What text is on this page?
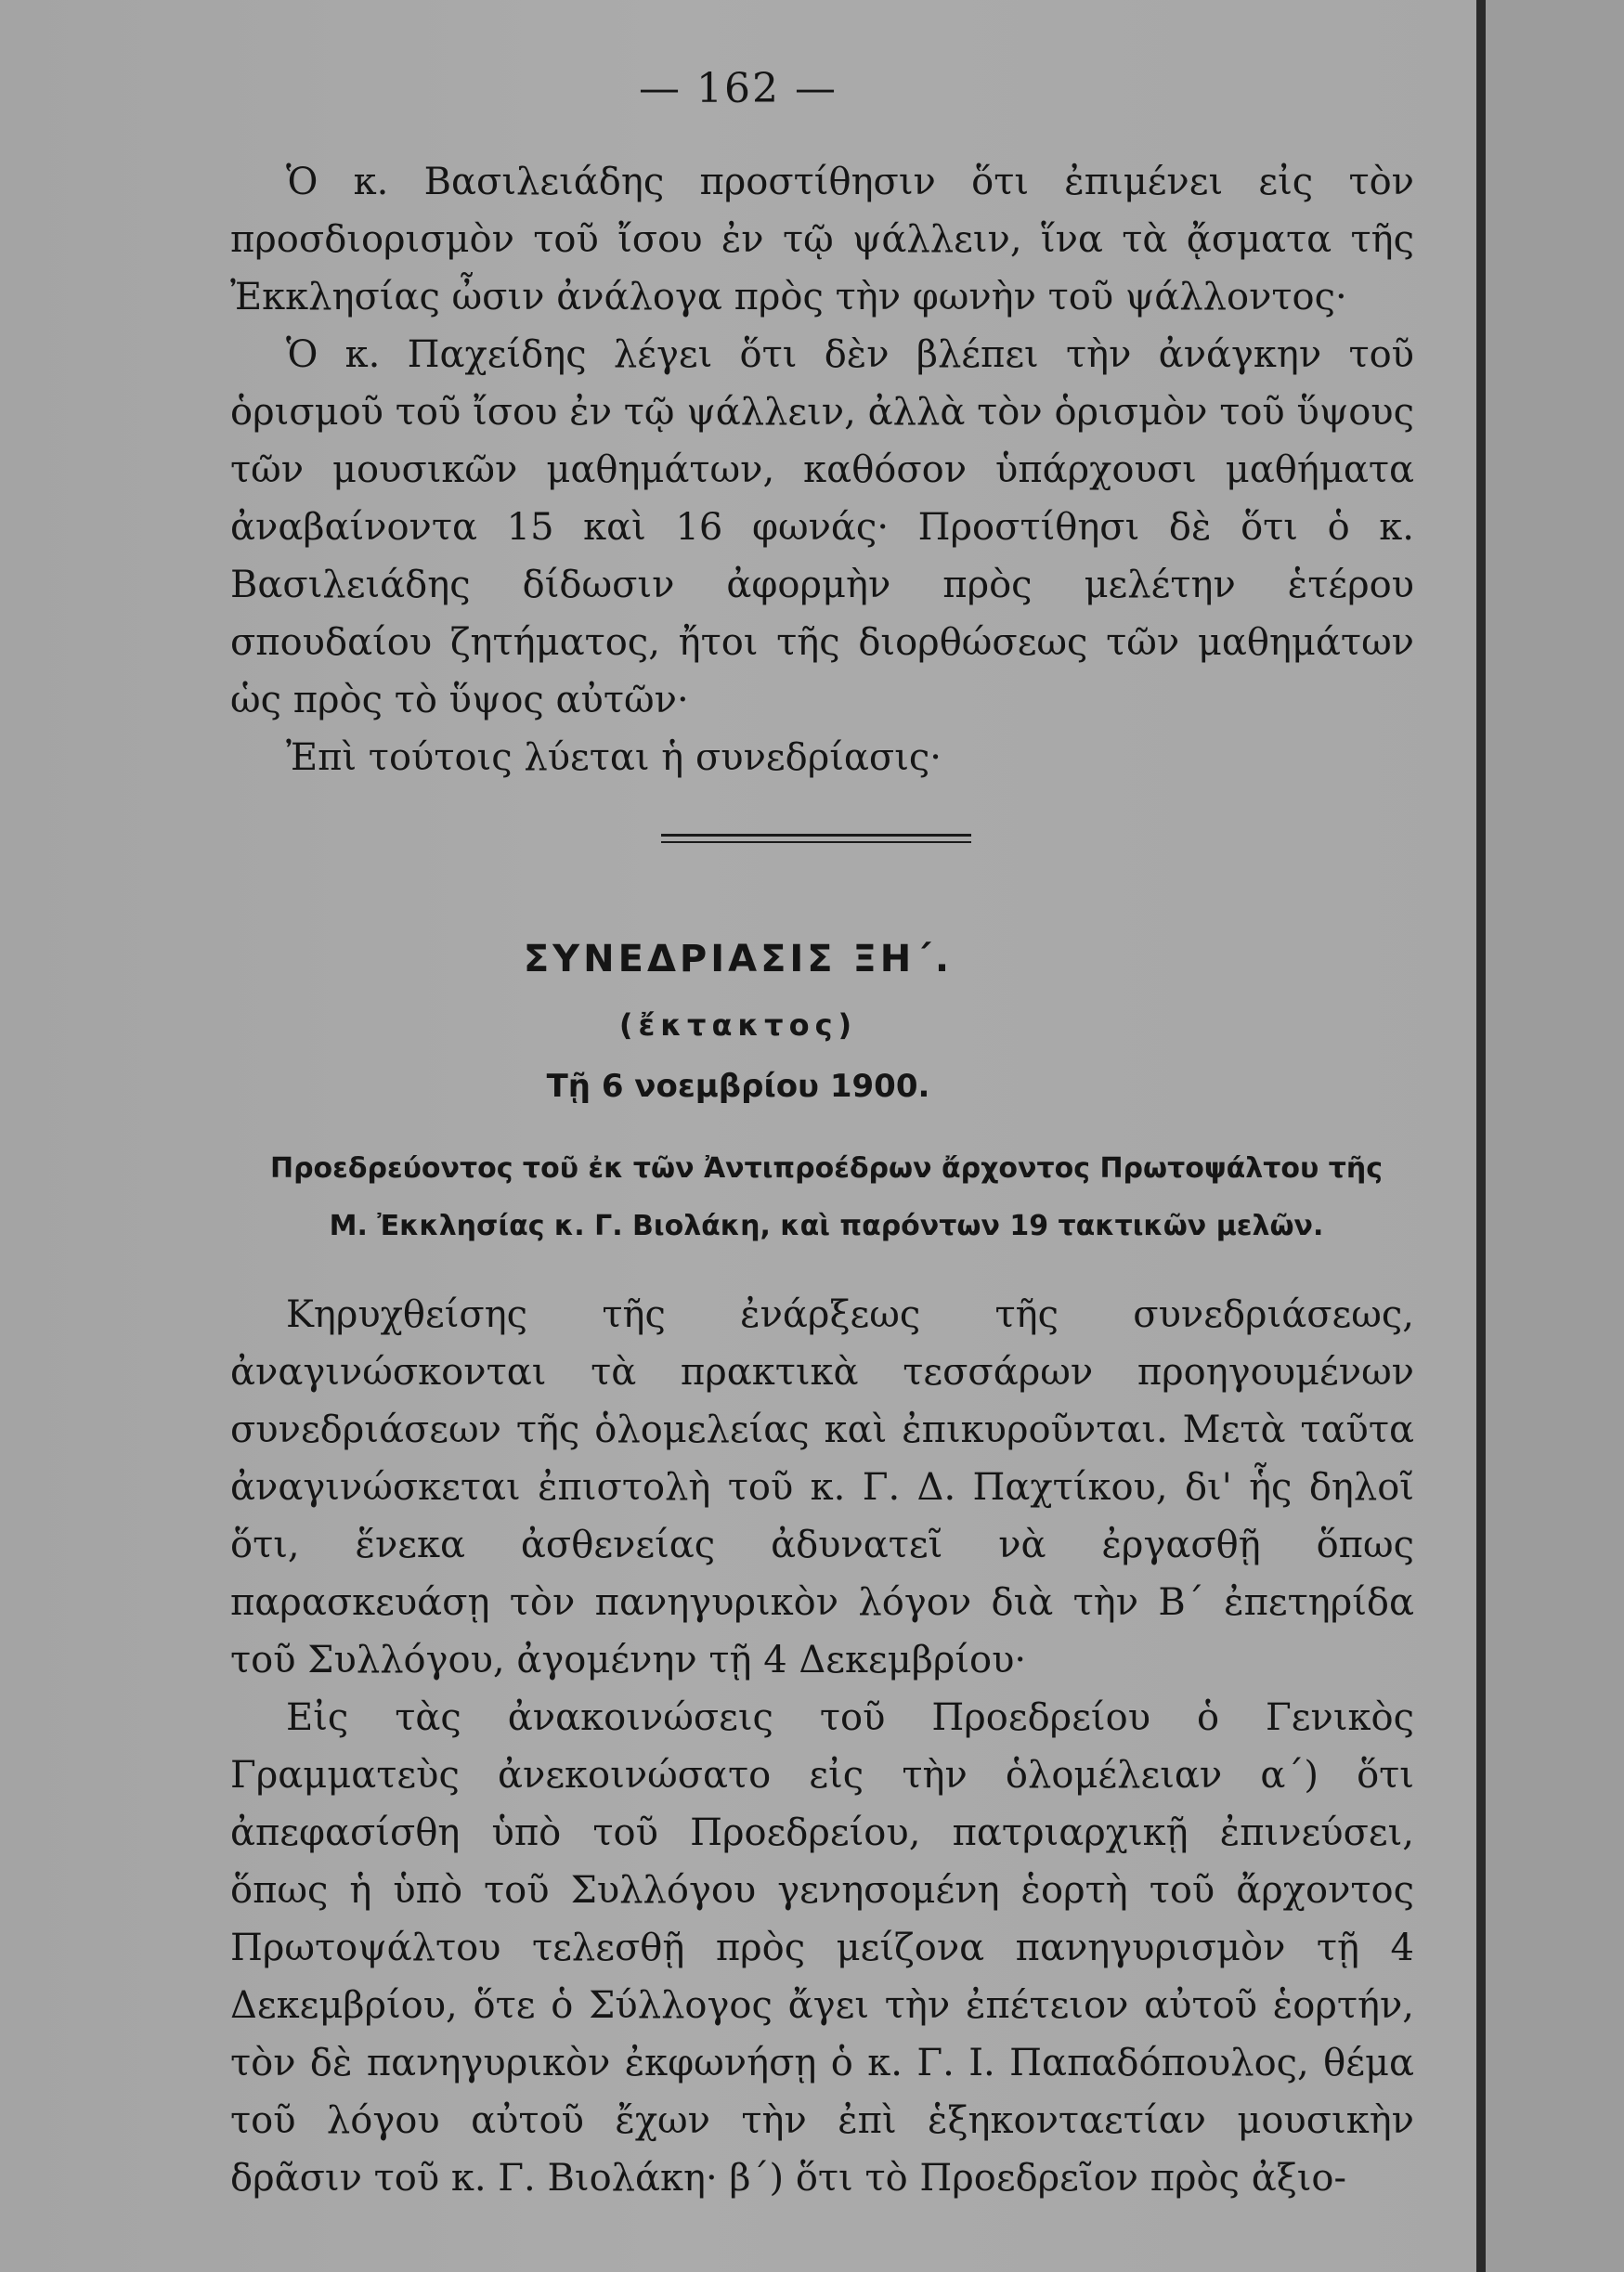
— 162 —

Ὁ κ. Βασιλειάδης προστίθησιν ὅτι ἐπιμένει εἰς τὸν προσδιορισμὸν τοῦ ἴσου ἐν τῷ ψάλλειν, ἵνα τὰ ᾄσματα τῆς Ἐκκλησίας ὦσιν ἀνάλογα πρὸς τὴν φωνὴν τοῦ ψάλλοντος·

Ὁ κ. Παχείδης λέγει ὅτι δὲν βλέπει τὴν ἀνάγκην τοῦ ὁρισμοῦ τοῦ ἴσου ἐν τῷ ψάλλειν, ἀλλὰ τὸν ὁρισμὸν τοῦ ὕψους τῶν μουσικῶν μαθημάτων, καθόσον ὑπάρχουσι μαθήματα ἀναβαίνοντα 15 καὶ 16 φωνάς· Προστίθησι δὲ ὅτι ὁ κ. Βασιλειάδης δίδωσιν ἀφορμὴν πρὸς μελέτην ἑτέρου σπουδαίου ζητήματος, ἤτοι τῆς διορθώσεως τῶν μαθημάτων ὡς πρὸς τὸ ὕψος αὐτῶν·

Ἐπὶ τούτοις λύεται ἡ συνεδρίασις·

ΣΥΝΕΔΡΙΑΣΙΣ ΞΗ΄.

(ἔκτακτος)

Τῇ 6 νοεμβρίου 1900.

Προεδρεύοντος τοῦ ἐκ τῶν Ἀντιπροέδρων ἄρχοντος Πρωτοψάλτου τῆς
Μ. Ἐκκλησίας κ. Γ. Βιολάκη, καὶ παρόντων 19 τακτικῶν μελῶν.

Κηρυχθείσης τῆς ἐνάρξεως τῆς συνεδριάσεως, ἀναγινώσκονται τὰ πρακτικὰ τεσσάρων προηγουμένων συνεδριάσεων τῆς ὁλομελείας καὶ ἐπικυροῦνται. Μετὰ ταῦτα ἀναγινώσκεται ἐπιστολὴ τοῦ κ. Γ. Δ. Παχτίκου, δι' ἧς δηλοῖ ὅτι, ἕνεκα ἀσθενείας ἀδυνατεῖ νὰ ἐργασθῇ ὅπως παρασκευάσῃ τὸν πανηγυρικὸν λόγον διὰ τὴν Β΄ ἐπετηρίδα τοῦ Συλλόγου, ἀγομένην τῇ 4 Δεκεμβρίου·

Εἰς τὰς ἀνακοινώσεις τοῦ Προεδρείου ὁ Γενικὸς Γραμματεὺς ἀνεκοινώσατο εἰς τὴν ὁλομέλειαν α΄) ὅτι ἀπεφασίσθη ὑπὸ τοῦ Προεδρείου, πατριαρχικῇ ἐπινεύσει, ὅπως ἡ ὑπὸ τοῦ Συλλόγου γενησομένη ἑορτὴ τοῦ ἄρχοντος Πρωτοψάλτου τελεσθῇ πρὸς μείζονα πανηγυρισμὸν τῇ 4 Δεκεμβρίου, ὅτε ὁ Σύλλογος ἄγει τὴν ἐπέτειον αὐτοῦ ἑορτήν, τὸν δὲ πανηγυρικὸν ἐκφωνήσῃ ὁ κ. Γ. Ι. Παπαδόπουλος, θέμα τοῦ λόγου αὐτοῦ ἔχων τὴν ἐπὶ ἑξηκονταετίαν μουσικὴν δρᾶσιν τοῦ κ. Γ. Βιολάκη· β΄) ὅτι τὸ Προεδρεῖον πρὸς ἀξιο-
